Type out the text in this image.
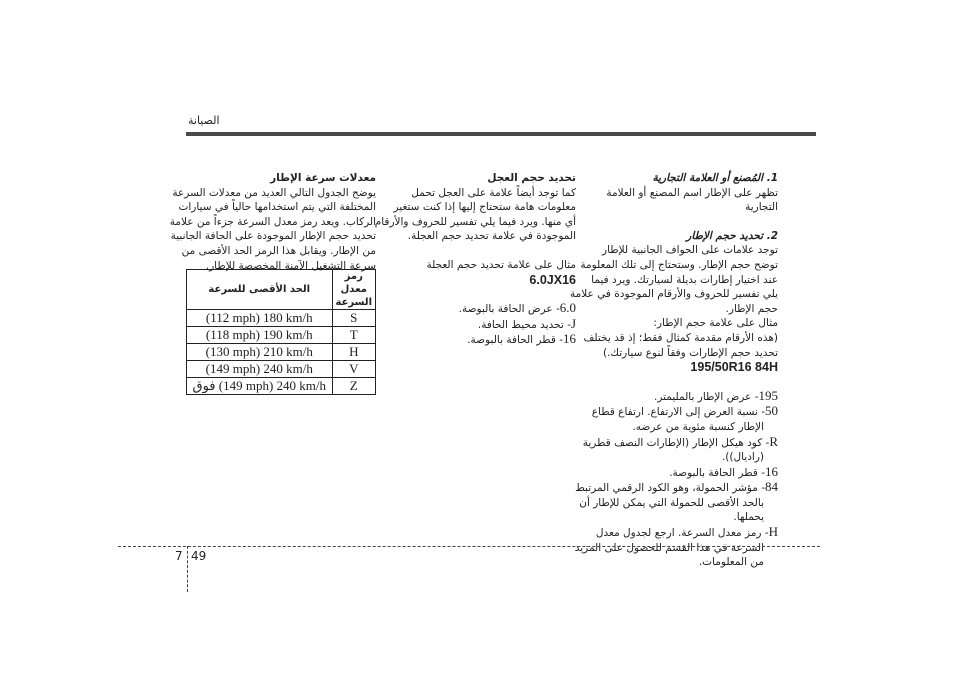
الصيانة
1. المُصنع أو العلامة التجارية
تظهر على الإطار اسم المصنع أو العلامة
التجارية
2. تحديد حجم الإطار
توجد علامات على الحواف الجانبية للإطار
توضح حجم الإطار. وستحتاج إلى تلك المعلومة
عند اختيار إطارات بديلة لسيارتك. ويرد فيما
يلي تفسير للحروف والأرقام الموجودة في علامة
حجم الإطار.
مثال على علامة حجم الإطار:
(هذه الأرقام مقدمة كمثال فقط؛ إذ قد يختلف
تحديد حجم الإطارات وفقاً لنوع سيارتك.)
195/50R16 84H
195- عرض الإطار بالمليمتر.
50- نسبة العرض إلى الارتفاع. ارتفاع قطاع
الإطار كنسبة مئوية من عرضه.
R- كود هيكل الإطار (الإطارات النصف قطرية
(راديال)).
16- قطر الحافة بالبوصة.
84- مؤشر الحمولة، وهو الكود الرقمي المرتبط
بالحد الأقصى للحمولة التي يمكن للإطار أن
يحملها.
H- رمز معدل السرعة. ارجع لجدول معدل
السرعة في هذا القسم للحصول على المزيد
من المعلومات.
تحديد حجم العجل
كما توجد أيضاً علامة على العجل تحمل
معلومات هامة ستحتاج إليها إذا كنت ستغير
أي منها. ويرد فيما يلي تفسير للحروف والأرقام
الموجودة في علامة تحديد حجم العجلة.
مثال على علامة تحديد حجم العجلة
6.0JX16
6.0- عرض الحافة بالبوصة.
J- تحديد محيط الحافة.
16- قطر الحافة بالبوصة.
معدلات سرعة الإطار
يوضح الجدول التالي العديد من معدلات السرعة
المختلفة التي يتم استخدامها حالياً في سيارات
الركاب. ويعد رمز معدل السرعة جزءاً من علامة
تحديد حجم الإطار الموجودة على الحافة الجانبية
من الإطار. ويقابل هذا الرمز الحد الأقصى من
سرعة التشغيل الآمنة المخصصة للإطار.
رمز معدل السرعة	الحد الأقصى للسرعة
S	(112 mph) 180 km/h
T	(118 mph) 190 km/h
H	(130 mph) 210 km/h
V	(149 mph) 240 km/h
Z	فوق (149 mph) 240 km/h
7 49
